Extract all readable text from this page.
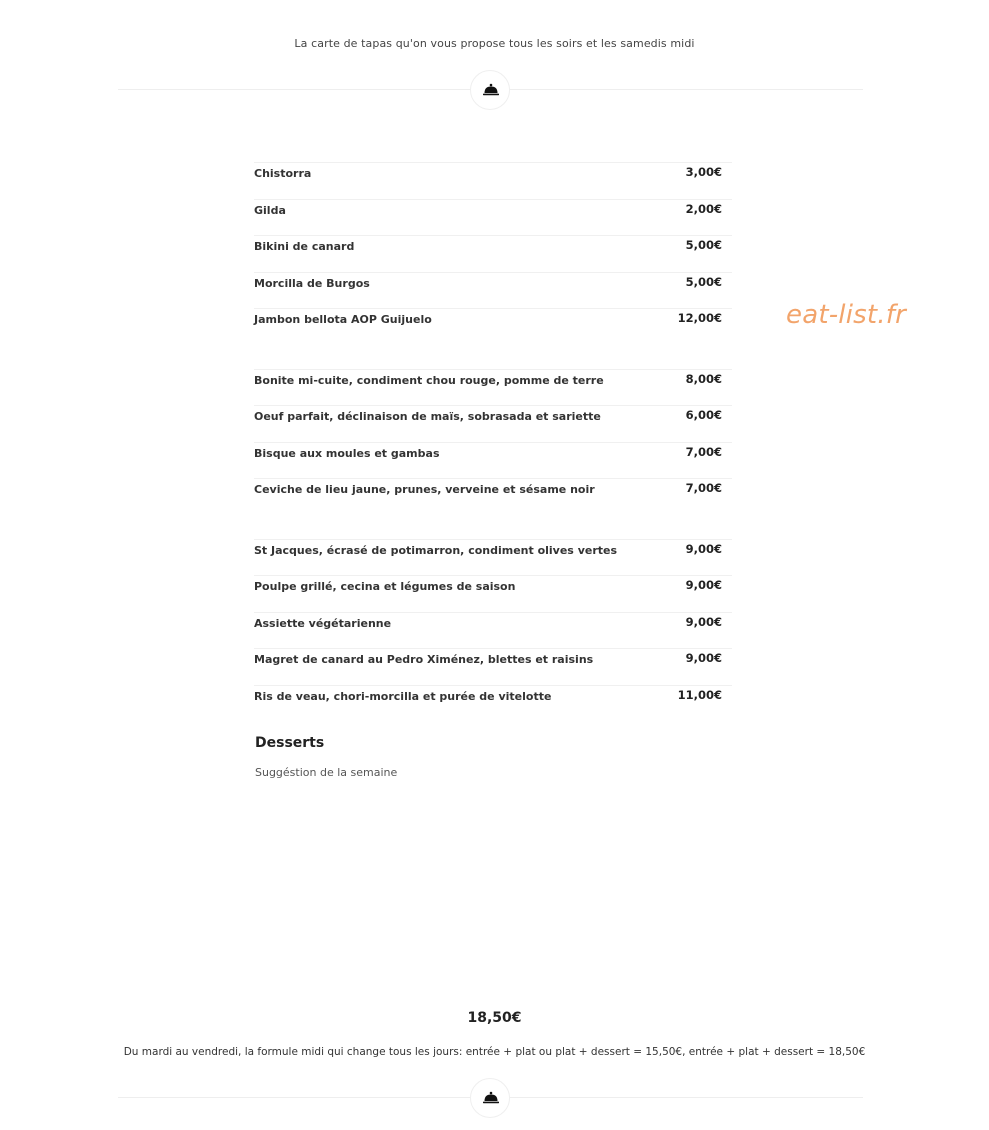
La carte de tapas qu'on vous propose tous les soirs et les samedis midi
eat-list.fr
Chistorra	3,00€
Gilda	2,00€
Bikini de canard	5,00€
Morcilla de Burgos	5,00€
Jambon bellota AOP Guijuelo	12,00€
Bonite mi-cuite, condiment chou rouge, pomme de terre	8,00€
Oeuf parfait, déclinaison de maïs, sobrasada et sariette	6,00€
Bisque aux moules et gambas	7,00€
Ceviche de lieu jaune, prunes, verveine et sésame noir	7,00€
St Jacques, écrasé de potimarron, condiment olives vertes	9,00€
Poulpe grillé, cecina et légumes de saison	9,00€
Assiette végétarienne	9,00€
Magret de canard au Pedro Ximénez, blettes et raisins	9,00€
Ris de veau, chori-morcilla et purée de vitelotte	11,00€
Desserts
Suggéstion de la semaine
18,50€
Du mardi au vendredi, la formule midi qui change tous les jours: entrée + plat ou plat + dessert = 15,50€, entrée + plat + dessert = 18,50€
